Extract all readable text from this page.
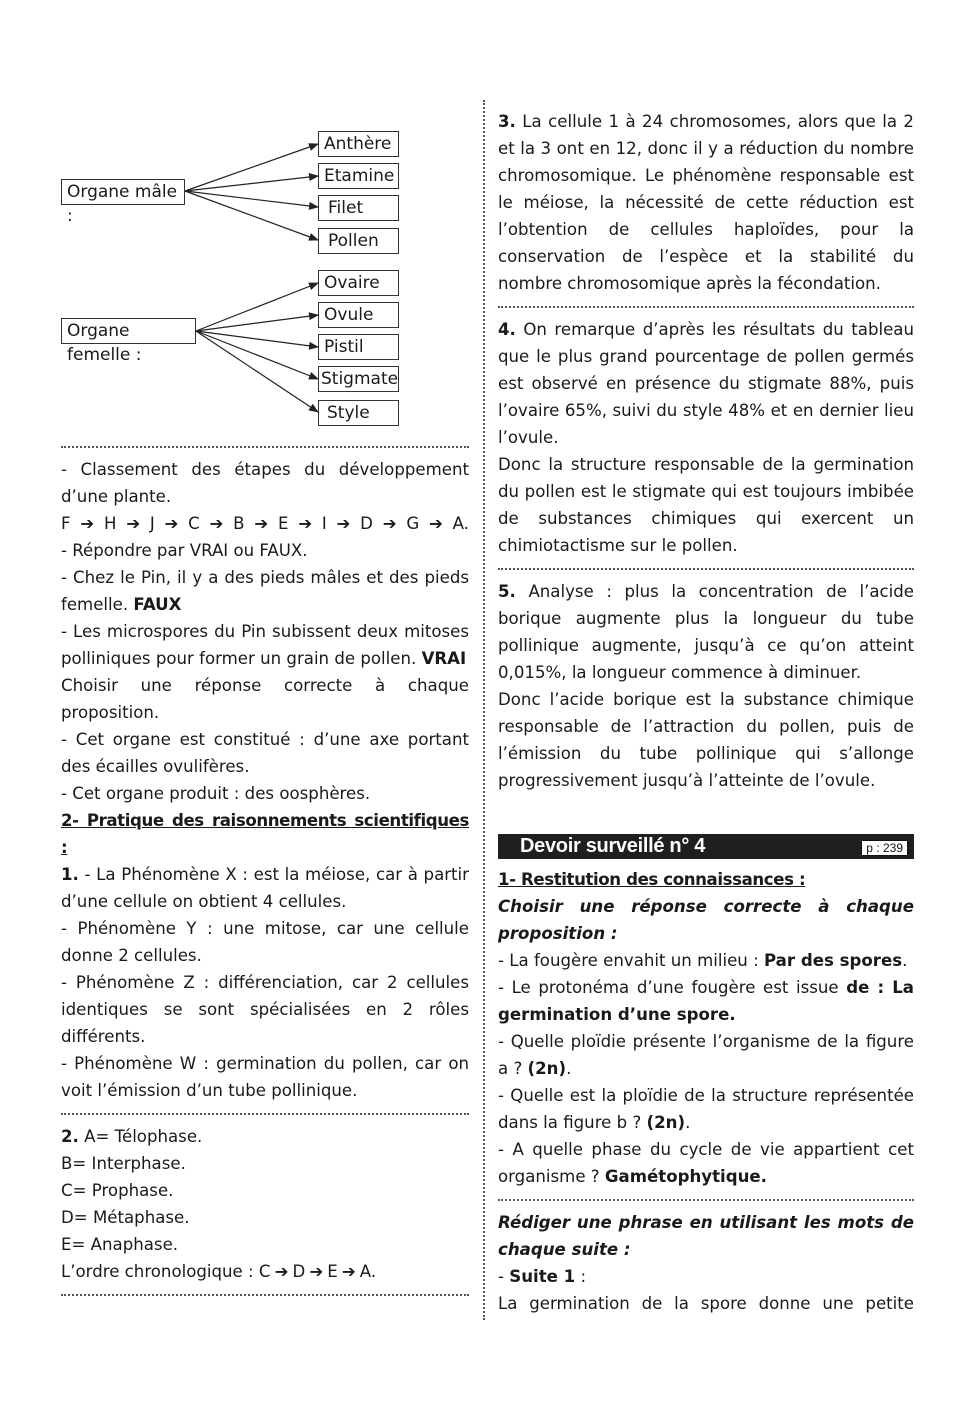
Organe mâle :
Anthère
Etamine
Filet
Pollen
Organe femelle :
Ovaire
Ovule
Pistil
Stigmate
Style

- Classement des étapes du développement

d’une plante.

F ➔ H ➔ J ➔ C ➔ B ➔ E ➔ I ➔ D ➔ G ➔ A.

- Répondre par VRAI ou FAUX.

- Chez le Pin, il y a des pieds mâles et des pieds femelle. FAUX

- Les microspores du Pin subissent deux mitoses polliniques pour former un grain de pollen. VRAI

Choisir une réponse correcte à chaque proposition.

- Cet organe est constitué : d’une axe portant des écailles ovulifères.

- Cet organe produit : des oosphères.

2- Pratique des raisonnements scientifiques :

1. - La Phénomène X : est la méiose, car à partir d’une cellule on obtient 4 cellules.

- Phénomène Y : une mitose, car une cellule donne 2 cellules.

- Phénomène Z : différenciation, car 2 cellules identiques se sont spécialisées en 2 rôles différents.

- Phénomène W : germination du pollen, car on voit l’émission d’un tube pollinique.

2. A= Télophase.

B= Interphase.

C= Prophase.

D= Métaphase.

E= Anaphase.

L’ordre chronologique : C ➔ D ➔ E ➔ A.

3. La cellule 1 à 24 chromosomes, alors que la 2 et la 3 ont en 12, donc il y a réduction du nombre chromosomique. Le phénomène responsable est le méiose, la nécessité de cette réduction est l’obtention de cellules haploïdes, pour la conservation de l’espèce et la stabilité du nombre chromosomique après la fécondation.

4. On remarque d’après les résultats du tableau que le plus grand pourcentage de pollen germés est observé en présence du stigmate 88%, puis l’ovaire 65%, suivi du style 48% et en dernier lieu l’ovule.

Donc la structure responsable de la germination du pollen est le stigmate qui est toujours imbibée de substances chimiques qui exercent un chimiotactisme sur le pollen.

5. Analyse : plus la concentration de l’acide borique augmente plus la longueur du tube pollinique augmente, jusqu’à ce qu’on atteint 0,015%, la longueur commence à diminuer.

Donc l’acide borique est la substance chimique responsable de l’attraction du pollen, puis de l’émission du tube pollinique qui s’allonge progressivement jusqu’à l’atteinte de l’ovule.

Devoir surveillé n° 4	p : 239

1- Restitution des connaissances :

Choisir une réponse correcte à chaque proposition :

- La fougère envahit un milieu : Par des spores.

- Le protonéma d’une fougère est issue de : La germination d’une spore.

- Quelle ploïdie présente l’organisme de la figure a ? (2n).

- Quelle est la ploïdie de la structure représentée dans la figure b ? (2n).

- A quelle phase du cycle de vie appartient cet organisme ? Gamétophytique.

Rédiger une phrase en utilisant les mots de chaque suite :

- Suite 1 :

La germination de la spore donne une petite
